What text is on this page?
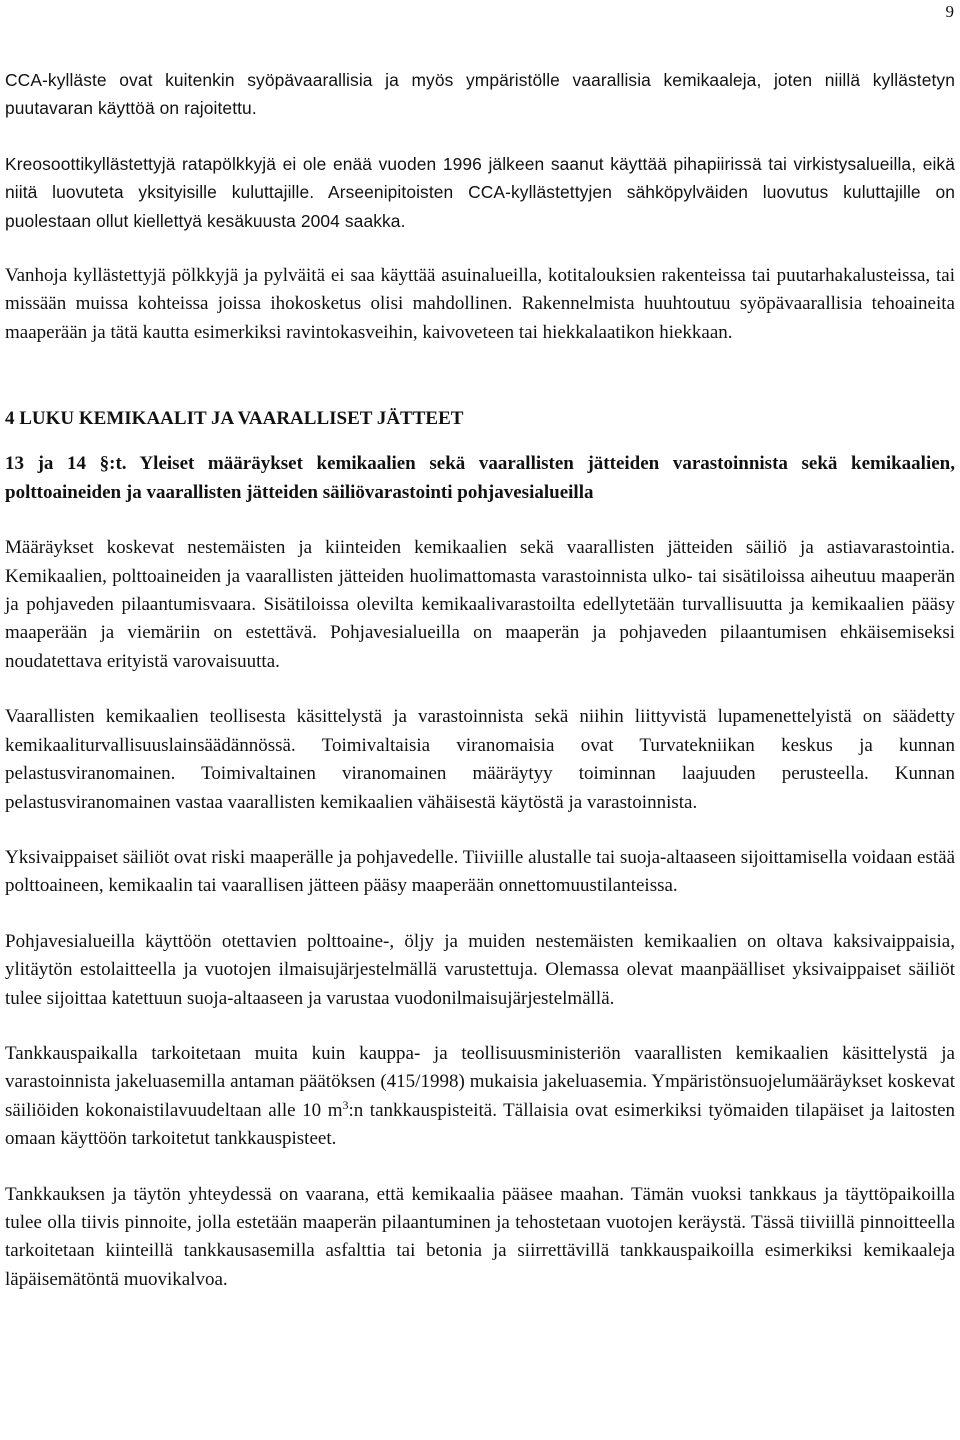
9

CCA-kylläste ovat kuitenkin syöpävaarallisia ja myös ympäristölle vaarallisia kemikaaleja, joten niillä kyllästetyn puutavaran käyttöä on rajoitettu.

Kreosoottikyllästettyjä ratapölkkyjä ei ole enää vuoden 1996 jälkeen saanut käyttää pihapiirissä tai virkistysalueilla, eikä niitä luovuteta yksityisille kuluttajille. Arseenipitoisten CCA-kyllästettyjen sähköpylväiden luovutus kuluttajille on puolestaan ollut kiellettyä kesäkuusta 2004 saakka.

Vanhoja kyllästettyjä pölkkyjä ja pylväitä ei saa käyttää asuinalueilla, kotitalouksien rakenteissa tai puutarhakalusteissa, tai missään muissa kohteissa joissa ihokosketus olisi mahdollinen. Rakennelmista huuhtoutuu syöpävaarallisia tehoaineita maaperään ja tätä kautta esimerkiksi ravintokasveihin, kaivoveteen tai hiekkalaatikon hiekkaan.

4 LUKU KEMIKAALIT JA VAARALLISET JÄTTEET
13 ja 14 §:t. Yleiset määräykset kemikaalien sekä vaarallisten jätteiden varastoinnista sekä kemikaalien, polttoaineiden ja vaarallisten jätteiden säiliövarastointi pohjavesialueilla

Määräykset koskevat nestemäisten ja kiinteiden kemikaalien sekä vaarallisten jätteiden säiliö ja astiavarastointia. Kemikaalien, polttoaineiden ja vaarallisten jätteiden huolimattomasta varastoinnista ulko- tai sisätiloissa aiheutuu maaperän ja pohjaveden pilaantumisvaara. Sisätiloissa olevilta kemikaalivarastoilta edellytetään turvallisuutta ja kemikaalien pääsy maaperään ja viemäriin on estettävä. Pohjavesialueilla on maaperän ja pohjaveden pilaantumisen ehkäisemiseksi noudatettava erityistä varovaisuutta.

Vaarallisten kemikaalien teollisesta käsittelystä ja varastoinnista sekä niihin liittyvistä lupamenettelyistä on säädetty kemikaaliturvallisuuslainsäädännössä. Toimivaltaisia viranomaisia ovat Turvatekniikan keskus ja kunnan pelastusviranomainen. Toimivaltainen viranomainen määräytyy toiminnan laajuuden perusteella. Kunnan pelastusviranomainen vastaa vaarallisten kemikaalien vähäisestä käytöstä ja varastoinnista.

Yksivaippaiset säiliöt ovat riski maaperälle ja pohjavedelle. Tiiviille alustalle tai suoja-altaaseen sijoittamisella voidaan estää polttoaineen, kemikaalin tai vaarallisen jätteen pääsy maaperään onnettomuustilanteissa.

Pohjavesialueilla käyttöön otettavien polttoaine-, öljy ja muiden nestemäisten kemikaalien on oltava kaksivaippaisia, ylitäytön estolaitteella ja vuotojen ilmaisujärjestelmällä varustettuja. Olemassa olevat maanpäälliset yksivaippaiset säiliöt tulee sijoittaa katettuun suoja-altaaseen ja varustaa vuodonilmaisujärjestelmällä.

Tankkauspaikalla tarkoitetaan muita kuin kauppa- ja teollisuusministeriön vaarallisten kemikaalien käsittelystä ja varastoinnista jakeluasemilla antaman päätöksen (415/1998) mukaisia jakeluasemia. Ympäristönsuojelumääräykset koskevat säiliöiden kokonaistilavuudeltaan alle 10 $m^3:n$ tankkauspisteitä. Tällaisia ovat esimerkiksi työmaiden tilapäiset ja laitosten omaan käyttöön tarkoitetut tankkauspisteet.

Tankkauksen ja täytön yhteydessä on vaarana, että kemikaalia pääsee maahan. Tämän vuoksi tankkaus ja täyttöpaikoilla tulee olla tiivis pinnoite, jolla estetään maaperän pilaantuminen ja tehostetaan vuotojen keräystä. Tässä tiiviillä pinnoitteella tarkoitetaan kiinteillä tankkausasemilla asfalttia tai betonia ja siirrettävillä tankkauspaikoilla esimerkiksi kemikaaleja läpäisemätöntä muovikalvoa.
